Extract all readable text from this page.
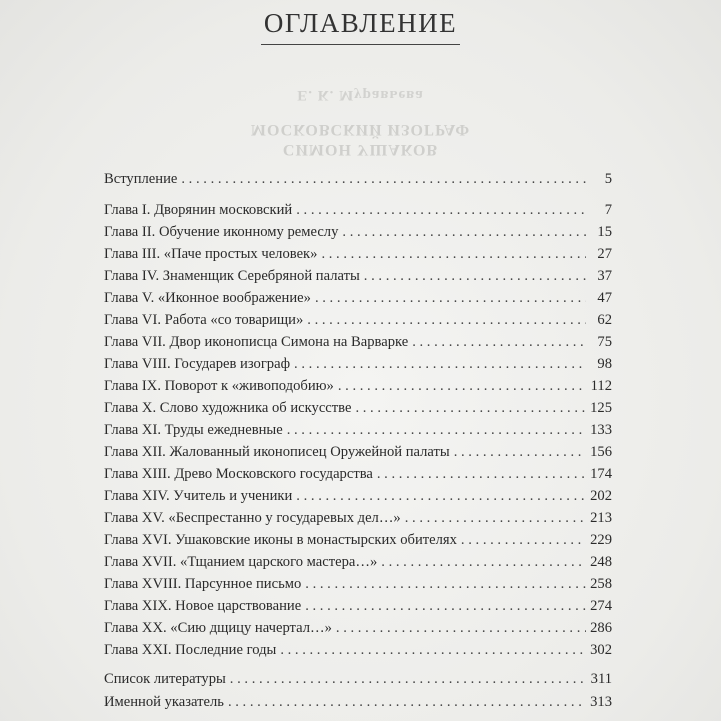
Е. К. Муравьева
МОСКОВСКИЙ ИЗОГРАФ
СИМОН УШАКОВ
ОГЛАВЛЕНИЕ
Вступление . . .	5
Глава I. Дворянин московский . . .	7
Глава II. Обучение иконному ремеслу . . .	15
Глава III. «Паче простых человек» . . .	27
Глава IV. Знаменщик Серебряной палаты . . .	37
Глава V. «Иконное воображение» . . .	47
Глава VI. Работа «со товарищи» . . .	62
Глава VII. Двор иконописца Симона на Варварке . . .	75
Глава VIII. Государев изограф . . .	98
Глава IX. Поворот к «живоподобию» . . .	112
Глава X. Слово художника об искусстве . . .	125
Глава XI. Труды ежедневные . . .	133
Глава XII. Жалованный иконописец Оружейной палаты . . .	156
Глава XIII. Древо Московского государства . . .	174
Глава XIV. Учитель и ученики . . .	202
Глава XV. «Беспрестанно у государевых дел…» . . .	213
Глава XVI. Ушаковские иконы в монастырских обителях . . .	229
Глава XVII. «Тщанием царского мастера…» . . .	248
Глава XVIII. Парсунное письмо . . .	258
Глава XIX. Новое царствование . . .	274
Глава XX. «Сию дщицу начертал…» . . .	286
Глава XXI. Последние годы . . .	302
Список литературы . . .	311
Именной указатель . . .	313
